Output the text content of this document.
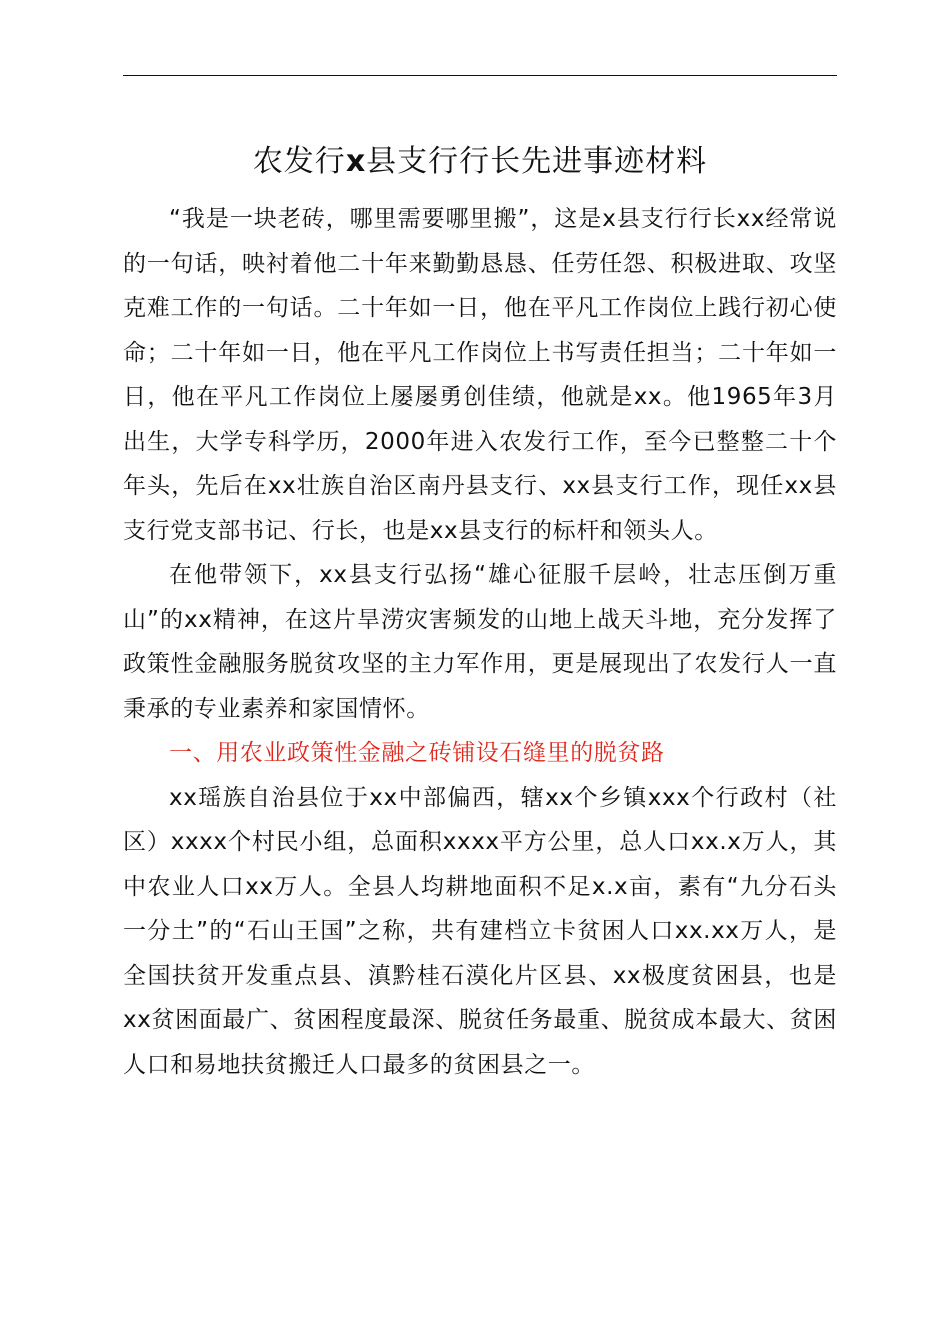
农发行x县支行行长先进事迹材料

“我是一块老砖，哪里需要哪里搬”，这是x县支行行长xx经常说的一句话，映衬着他二十年来勤勤恳恳、任劳任怨、积极进取、攻坚克难工作的一句话。二十年如一日，他在平凡工作岗位上践行初心使命；二十年如一日，他在平凡工作岗位上书写责任担当；二十年如一日，他在平凡工作岗位上屡屡勇创佳绩，他就是xx。他1965年3月出生，大学专科学历，2000年进入农发行工作，至今已整整二十个年头，先后在xx壮族自治区南丹县支行、xx县支行工作，现任xx县支行党支部书记、行长，也是xx县支行的标杆和领头人。

在他带领下，xx县支行弘扬“雄心征服千层岭，壮志压倒万重山”的xx精神，在这片旱涝灾害频发的山地上战天斗地，充分发挥了政策性金融服务脱贫攻坚的主力军作用，更是展现出了农发行人一直秉承的专业素养和家国情怀。

一、用农业政策性金融之砖铺设石缝里的脱贫路

xx瑶族自治县位于xx中部偏西，辖xx个乡镇xxx个行政村（社区）xxxx个村民小组，总面积xxxx平方公里，总人口xx.x万人，其中农业人口xx万人。全县人均耕地面积不足x.x亩，素有“九分石头一分土”的“石山王国”之称，共有建档立卡贫困人口xx.xx万人，是全国扶贫开发重点县、滇黔桂石漠化片区县、xx极度贫困县，也是xx贫困面最广、贫困程度最深、脱贫任务最重、脱贫成本最大、贫困人口和易地扶贫搬迁人口最多的贫困县之一。
